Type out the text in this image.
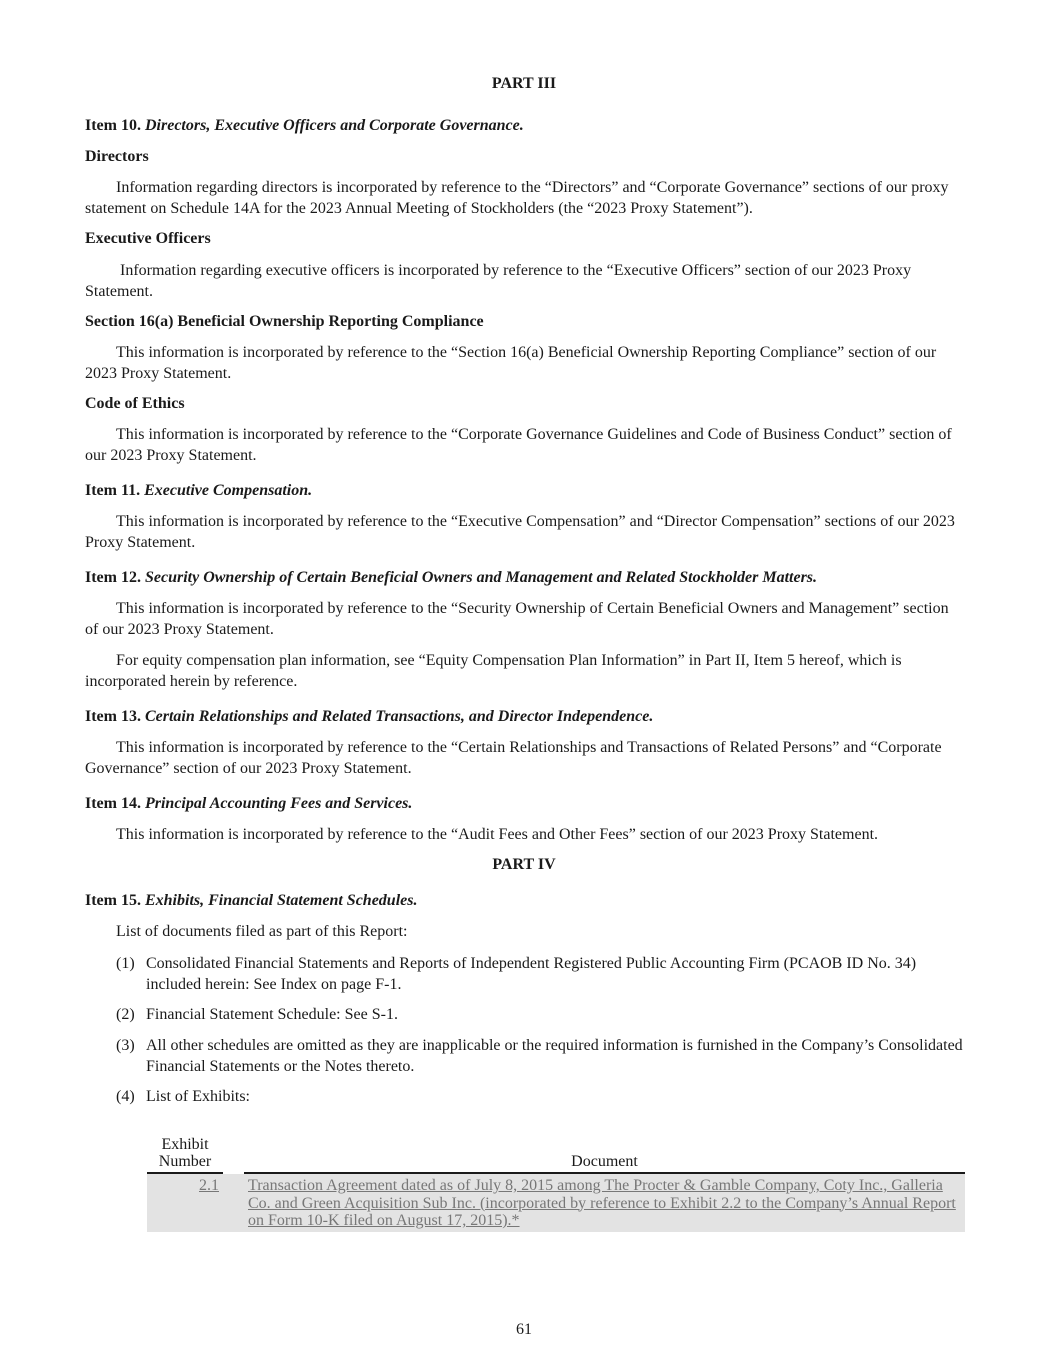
PART III
Item 10. Directors, Executive Officers and Corporate Governance.
Directors

Information regarding directors is incorporated by reference to the “Directors” and “Corporate Governance” sections of our proxy statement on Schedule 14A for the 2023 Annual Meeting of Stockholders (the “2023 Proxy Statement”).

Executive Officers

Information regarding executive officers is incorporated by reference to the “Executive Officers” section of our 2023 Proxy Statement.

Section 16(a) Beneficial Ownership Reporting Compliance

This information is incorporated by reference to the “Section 16(a) Beneficial Ownership Reporting Compliance” section of our 2023 Proxy Statement.

Code of Ethics

This information is incorporated by reference to the “Corporate Governance Guidelines and Code of Business Conduct” section of our 2023 Proxy Statement.

Item 11. Executive Compensation.

This information is incorporated by reference to the “Executive Compensation” and “Director Compensation” sections of our 2023 Proxy Statement.

Item 12. Security Ownership of Certain Beneficial Owners and Management and Related Stockholder Matters.

This information is incorporated by reference to the “Security Ownership of Certain Beneficial Owners and Management” section of our 2023 Proxy Statement.

For equity compensation plan information, see “Equity Compensation Plan Information” in Part II, Item 5 hereof, which is incorporated herein by reference.

Item 13. Certain Relationships and Related Transactions, and Director Independence.

This information is incorporated by reference to the “Certain Relationships and Transactions of Related Persons” and “Corporate Governance” section of our 2023 Proxy Statement.

Item 14. Principal Accounting Fees and Services.

This information is incorporated by reference to the “Audit Fees and Other Fees” section of our 2023 Proxy Statement.

PART IV
Item 15. Exhibits, Financial Statement Schedules.

List of documents filed as part of this Report:

(1) Consolidated Financial Statements and Reports of Independent Registered Public Accounting Firm (PCAOB ID No. 34) included herein: See Index on page F-1.
(2) Financial Statement Schedule: See S-1.
(3) All other schedules are omitted as they are inapplicable or the required information is furnished in the Company’s Consolidated Financial Statements or the Notes thereto.
(4) List of Exhibits:
Exhibit Number	Document
2.1 Transaction Agreement dated as of July 8, 2015 among The Procter & Gamble Company, Coty Inc., Galleria Co. and Green Acquisition Sub Inc. (incorporated by reference to Exhibit 2.2 to the Company’s Annual Report on Form 10-K filed on August 17, 2015).*
61
